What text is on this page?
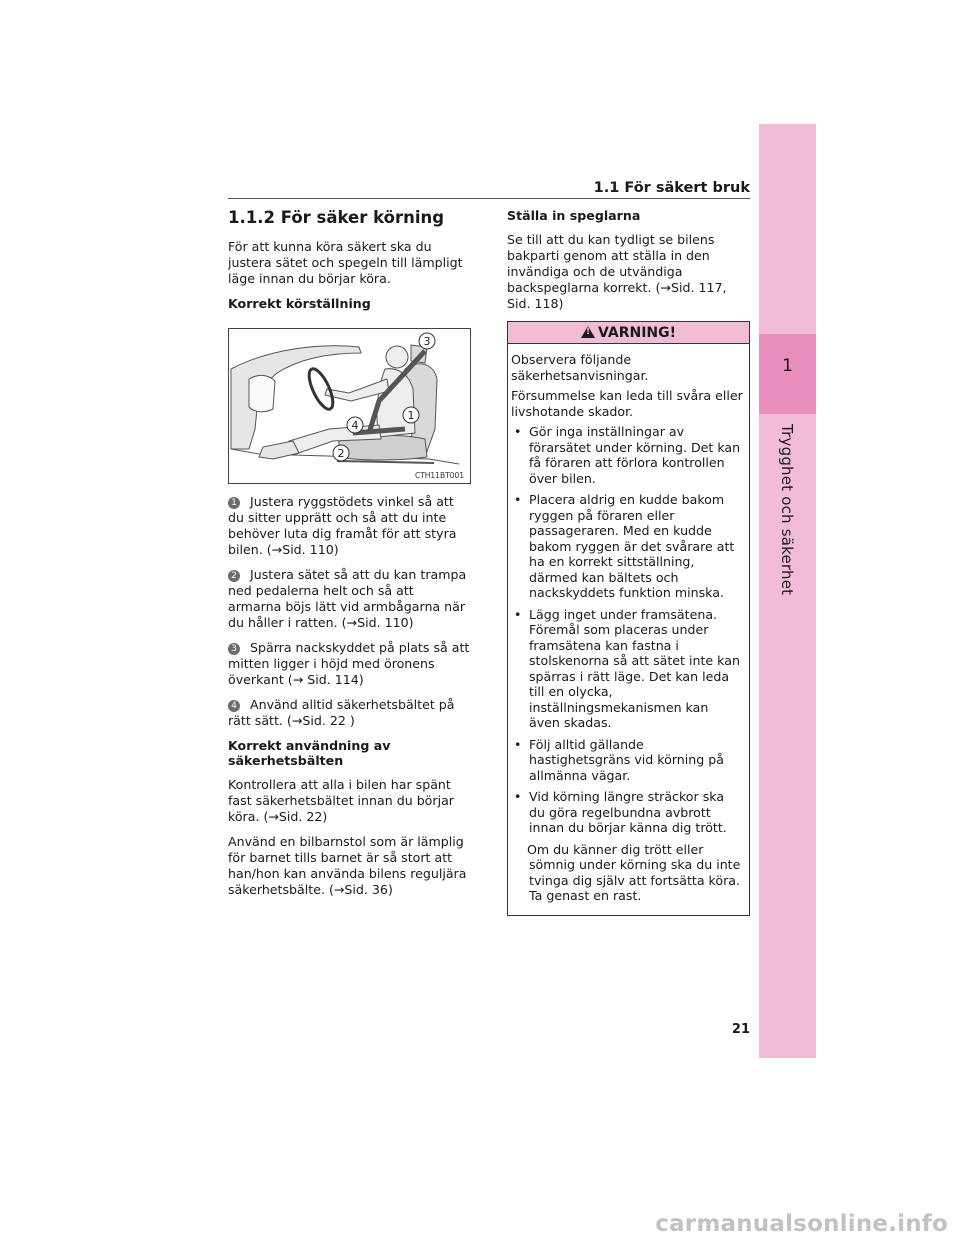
1
Trygghet och säkerhet
1.1 För säkert bruk
1.1.2 För säker körning

För att kunna köra säkert ska du justera sätet och spegeln till lämpligt läge innan du börjar köra.

Korrekt körställning
3
1
4
2
CTH11BT001
1 Justera ryggstödets vinkel så att du sitter upprätt och så att du inte behöver luta dig framåt för att styra bilen. (→Sid. 110)
2 Justera sätet så att du kan trampa ned pedalerna helt och så att armarna böjs lätt vid armbågarna när du håller i ratten. (→Sid. 110)
3 Spärra nackskyddet på plats så att mitten ligger i höjd med öronens överkant (→ Sid. 114)
4 Använd alltid säkerhetsbältet på rätt sätt. (→Sid. 22 )
Korrekt användning av säkerhetsbälten

Kontrollera att alla i bilen har spänt fast säkerhetsbältet innan du börjar köra. (→Sid. 22)

Använd en bilbarnstol som är lämplig för barnet tills barnet är så stort att han/hon kan använda bilens reguljära säkerhetsbälte. (→Sid. 36)

Ställa in speglarna

Se till att du kan tydligt se bilens bakparti genom att ställa in den invändiga och de utvändiga backspeglarna korrekt. (→Sid. 117, Sid. 118)

!VARNING!

Observera följande säkerhetsanvisningar.

Försummelse kan leda till svåra eller livshotande skador.

• Gör inga inställningar av förarsätet under körning. Det kan få föraren att förlora kontrollen över bilen.
• Placera aldrig en kudde bakom ryggen på föraren eller passageraren. Med en kudde bakom ryggen är det svårare att ha en korrekt sittställning, därmed kan bältets och nackskyddets funktion minska.
• Lägg inget under framsätena. Föremål som placeras under framsätena kan fastna i stolskenorna så att sätet inte kan spärras i rätt läge. Det kan leda till en olycka, inställningsmekanismen kan även skadas.
• Följ alltid gällande hastighetsgräns vid körning på allmänna vägar.
• Vid körning längre sträckor ska du göra regelbundna avbrott innan du börjar känna dig trött.
Om du känner dig trött eller sömnig under körning ska du inte tvinga dig själv att fortsätta köra. Ta genast en rast.
21
carmanualsonline.info
